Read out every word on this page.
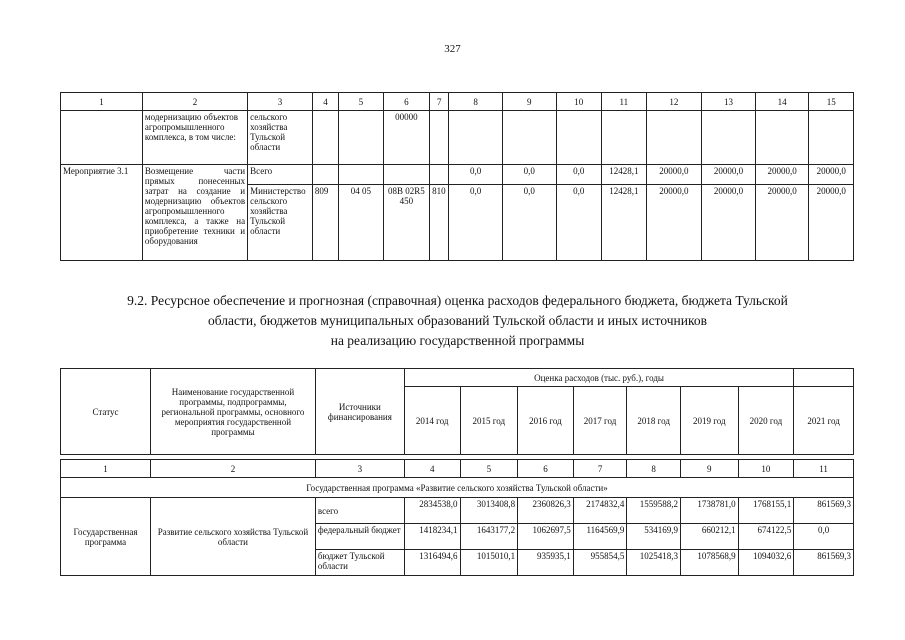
327
1	2	3	4	5	6	7	8	9	10	11	12	13	14	15
	модернизацию объектов агропромышленного комплекса, в том числе:	сельского хозяйства Тульской области			00000									
Мероприятие 3.1	Возмещение части прямых понесенных затрат на создание и модернизацию объектов агропромышленного комплекса, а также на приобретение техники и оборудования	Всего					0,0	0,0	0,0	12428,1	20000,0	20000,0	20000,0	20000,0
		Министерство сельского хозяйства Тульской области	809	04 05	08В 02R5 450	810	0,0	0,0	0,0	12428,1	20000,0	20000,0	20000,0	20000,0
9.2. Ресурсное обеспечение и прогнозная (справочная) оценка расходов федерального бюджета, бюджета Тульской
области, бюджетов муниципальных образований Тульской области и иных источников
на реализацию государственной программы
Статус	Наименование государственной программы, подпрограммы, региональной программы, основного мероприятия государственной программы	Источники финансирования	Оценка расходов (тыс. руб.), годы							
			2014 год	2015 год	2016 год	2017 год	2018 год	2019 год	2020 год	2021 год

1	2	3	4	5	6	7	8	9	10	11
Государственная программа «Развитие сельского хозяйства Тульской области»										
Государственная программа	Развитие сельского хозяйства Тульской области	всего	2834538,0	3013408,8	2360826,3	2174832,4	1559588,2	1738781,0	1768155,1	861569,3
		федеральный бюджет	1418234,1	1643177,2	1062697,5	1164569,9	534169,9	660212,1	674122,5	0,0
		бюджет Тульской области	1316494,6	1015010,1	935935,1	955854,5	1025418,3	1078568,9	1094032,6	861569,3
